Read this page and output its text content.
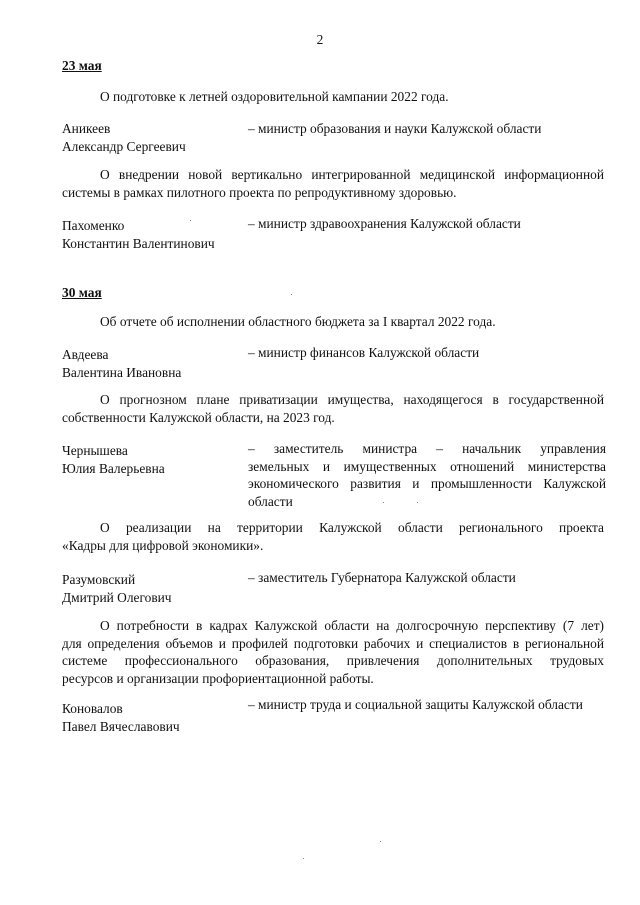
2
23 мая
О подготовке к летней оздоровительной кампании 2022 года.
Аникеев
Александр Сергеевич
– министр образования и науки Калужской области
О внедрении новой вертикально интегрированной медицинской информационной
системы в рамках пилотного проекта по репродуктивному здоровью.
Пахоменко
Константин Валентинович
– министр здравоохранения Калужской области
30 мая
Об отчете об исполнении областного бюджета за I квартал 2022 года.
Авдеева
Валентина Ивановна
– министр финансов Калужской области
О прогнозном плане приватизации имущества, находящегося в государственной
собственности Калужской области, на 2023 год.
Чернышева
Юлия Валерьевна
– заместитель министра – начальник управления
земельных и имущественных отношений министерства
экономического развития и промышленности Калужской
области
О реализации на территории Калужской области регионального проекта
«Кадры для цифровой экономики».
Разумовский
Дмитрий Олегович
– заместитель Губернатора Калужской области
О потребности в кадрах Калужской области на долгосрочную перспективу (7 лет)
для определения объемов и профилей подготовки рабочих и специалистов в региональной
системе профессионального образования, привлечения дополнительных трудовых
ресурсов и организации профориентационной работы.
Коновалов
Павел Вячеславович
– министр труда и социальной защиты Калужской области
